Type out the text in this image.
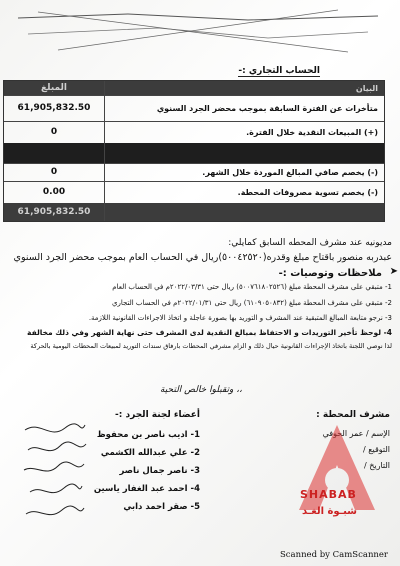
الحساب التجاري :-
المبلغ	البيان
61,905,832.50	متأخرات عن الفترة السابقة بموجب محضر الجرد السنوي
0	(+) المبيعات النقدية خلال الفترة.
0	(-) يخصم صافي المبالغ الموردة خلال الشهر.
0.00	(-) يخصم تسوية مصروفات المحطة.
61,905,832.50
مديونيه عند مشرف المحطه السابق كمايلي:
عبدربه منصور باقتاح مبلغ وقدره(٥٠٠٤٢٥٢٠)ريال في الحساب العام بموجب محضر الجرد السنوي
➤
ملاحظات وتوصيات :-
1- متبقي على مشرف المحطة مبلغ (٥٠٠٧٦١٨٠٢٥٢٦) ريال حتى ٢٠٢٢/٠٣/٣١م في الحساب العام
2- متبقي على مشرف المحطة مبلغ (٦١٠٩٠٥٠٨٣٢) ريال حتى ٢٠٢٢/٠١/٣١م في الحساب التجاري
3- نرجو متابعة المبالغ المتبقية عند المشرف و التوريد بها بصورة عاجلة و اتخاذ الاجراءات القانونية اللازمة.
4- لوحظ تأخير التوريدات و الاحتفاظ بمبالغ النقدية لدى المشرف حتى نهاية الشهر وفي ذلك مخالفة
لذا نوصي اللجنة باتخاذ الإجراءات القانونية حيال ذلك و الزام مشرفي المحطات بارفاق سندات التوريد لمبيعات المحطات اليومية بالحركة
وتقبلوا خالص التحية ،،
أعضاء لجنة الجرد :-
1- اديب ناصر بن محفوظ
2- علي عبدالله الكشمي
3- ناصر جمال ناصر
4- احمد عبد الغفار ياسين
5- صقر احمد دابي
مشرف المحطة :
الإسم / عمر الحوفي
التوقيع /
التاريخ /
SHABAB
شبـوة الغـد
Scanned by CamScanner
